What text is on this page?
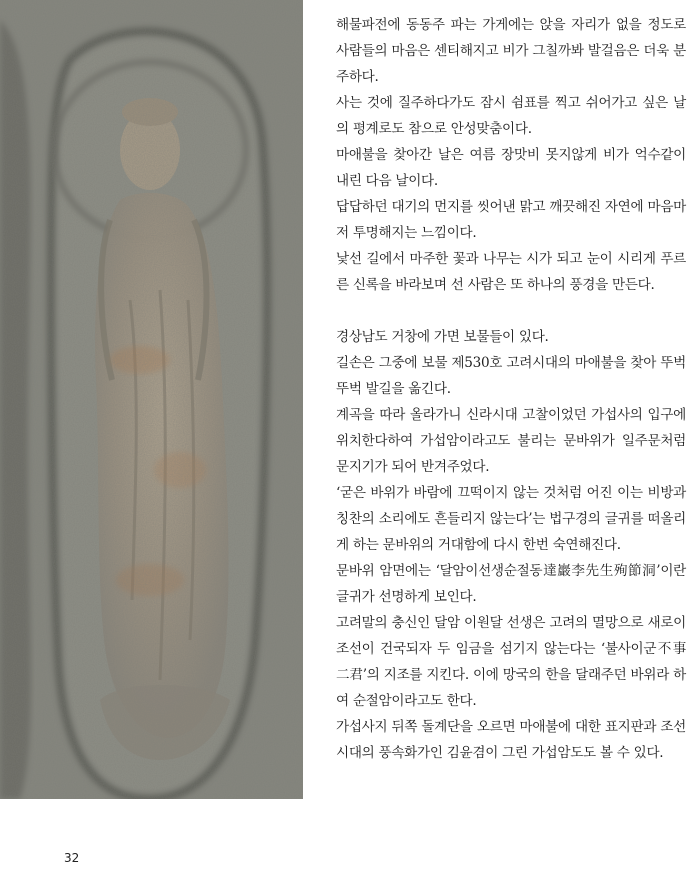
해물파전에 동동주 파는 가게에는 앉을 자리가 없을 정도로 사람들의 마음은 센티해지고 비가 그칠까봐 발걸음은 더욱 분주하다.

사는 것에 질주하다가도 잠시 쉼표를 찍고 쉬어가고 싶은 날의 평계로도 참으로 안성맞춤이다.

마애불을 찾아간 날은 여름 장맛비 못지않게 비가 억수같이 내린 다음 날이다.

답답하던 대기의 먼지를 씻어낸 맑고 깨끗해진 자연에 마음마저 투명해지는 느낌이다.

낯선 길에서 마주한 꽃과 나무는 시가 되고 눈이 시리게 푸르른 신록을 바라보며 선 사람은 또 하나의 풍경을 만든다.

경상남도 거창에 가면 보물들이 있다.

길손은 그중에 보물 제530호 고려시대의 마애불을 찾아 뚜벅뚜벅 발길을 옮긴다.

계곡을 따라 올라가니 신라시대 고찰이었던 가섭사의 입구에 위치한다하여 가섭암이라고도 불리는 문바위가 일주문처럼 문지기가 되어 반겨주었다.

‘굳은 바위가 바람에 끄떡이지 않는 것처럼 어진 이는 비방과 칭찬의 소리에도 흔들리지 않는다’는 법구경의 글귀를 떠올리게 하는 문바위의 거대함에 다시 한번 숙연해진다.

문바위 암면에는 ‘달암이선생순절동達巖李先生殉節洞’이란 글귀가 선명하게 보인다.

고려말의 충신인 달암 이원달 선생은 고려의 멸망으로 새로이 조선이 건국되자 두 임금을 섬기지 않는다는 ‘불사이군不事二君’의 지조를 지킨다. 이에 망국의 한을 달래주던 바위라 하여 순절암이라고도 한다.

가섭사지 뒤쪽 돌계단을 오르면 마애불에 대한 표지판과 조선시대의 풍속화가인 김윤겸이 그린 가섭암도도 볼 수 있다.

32
